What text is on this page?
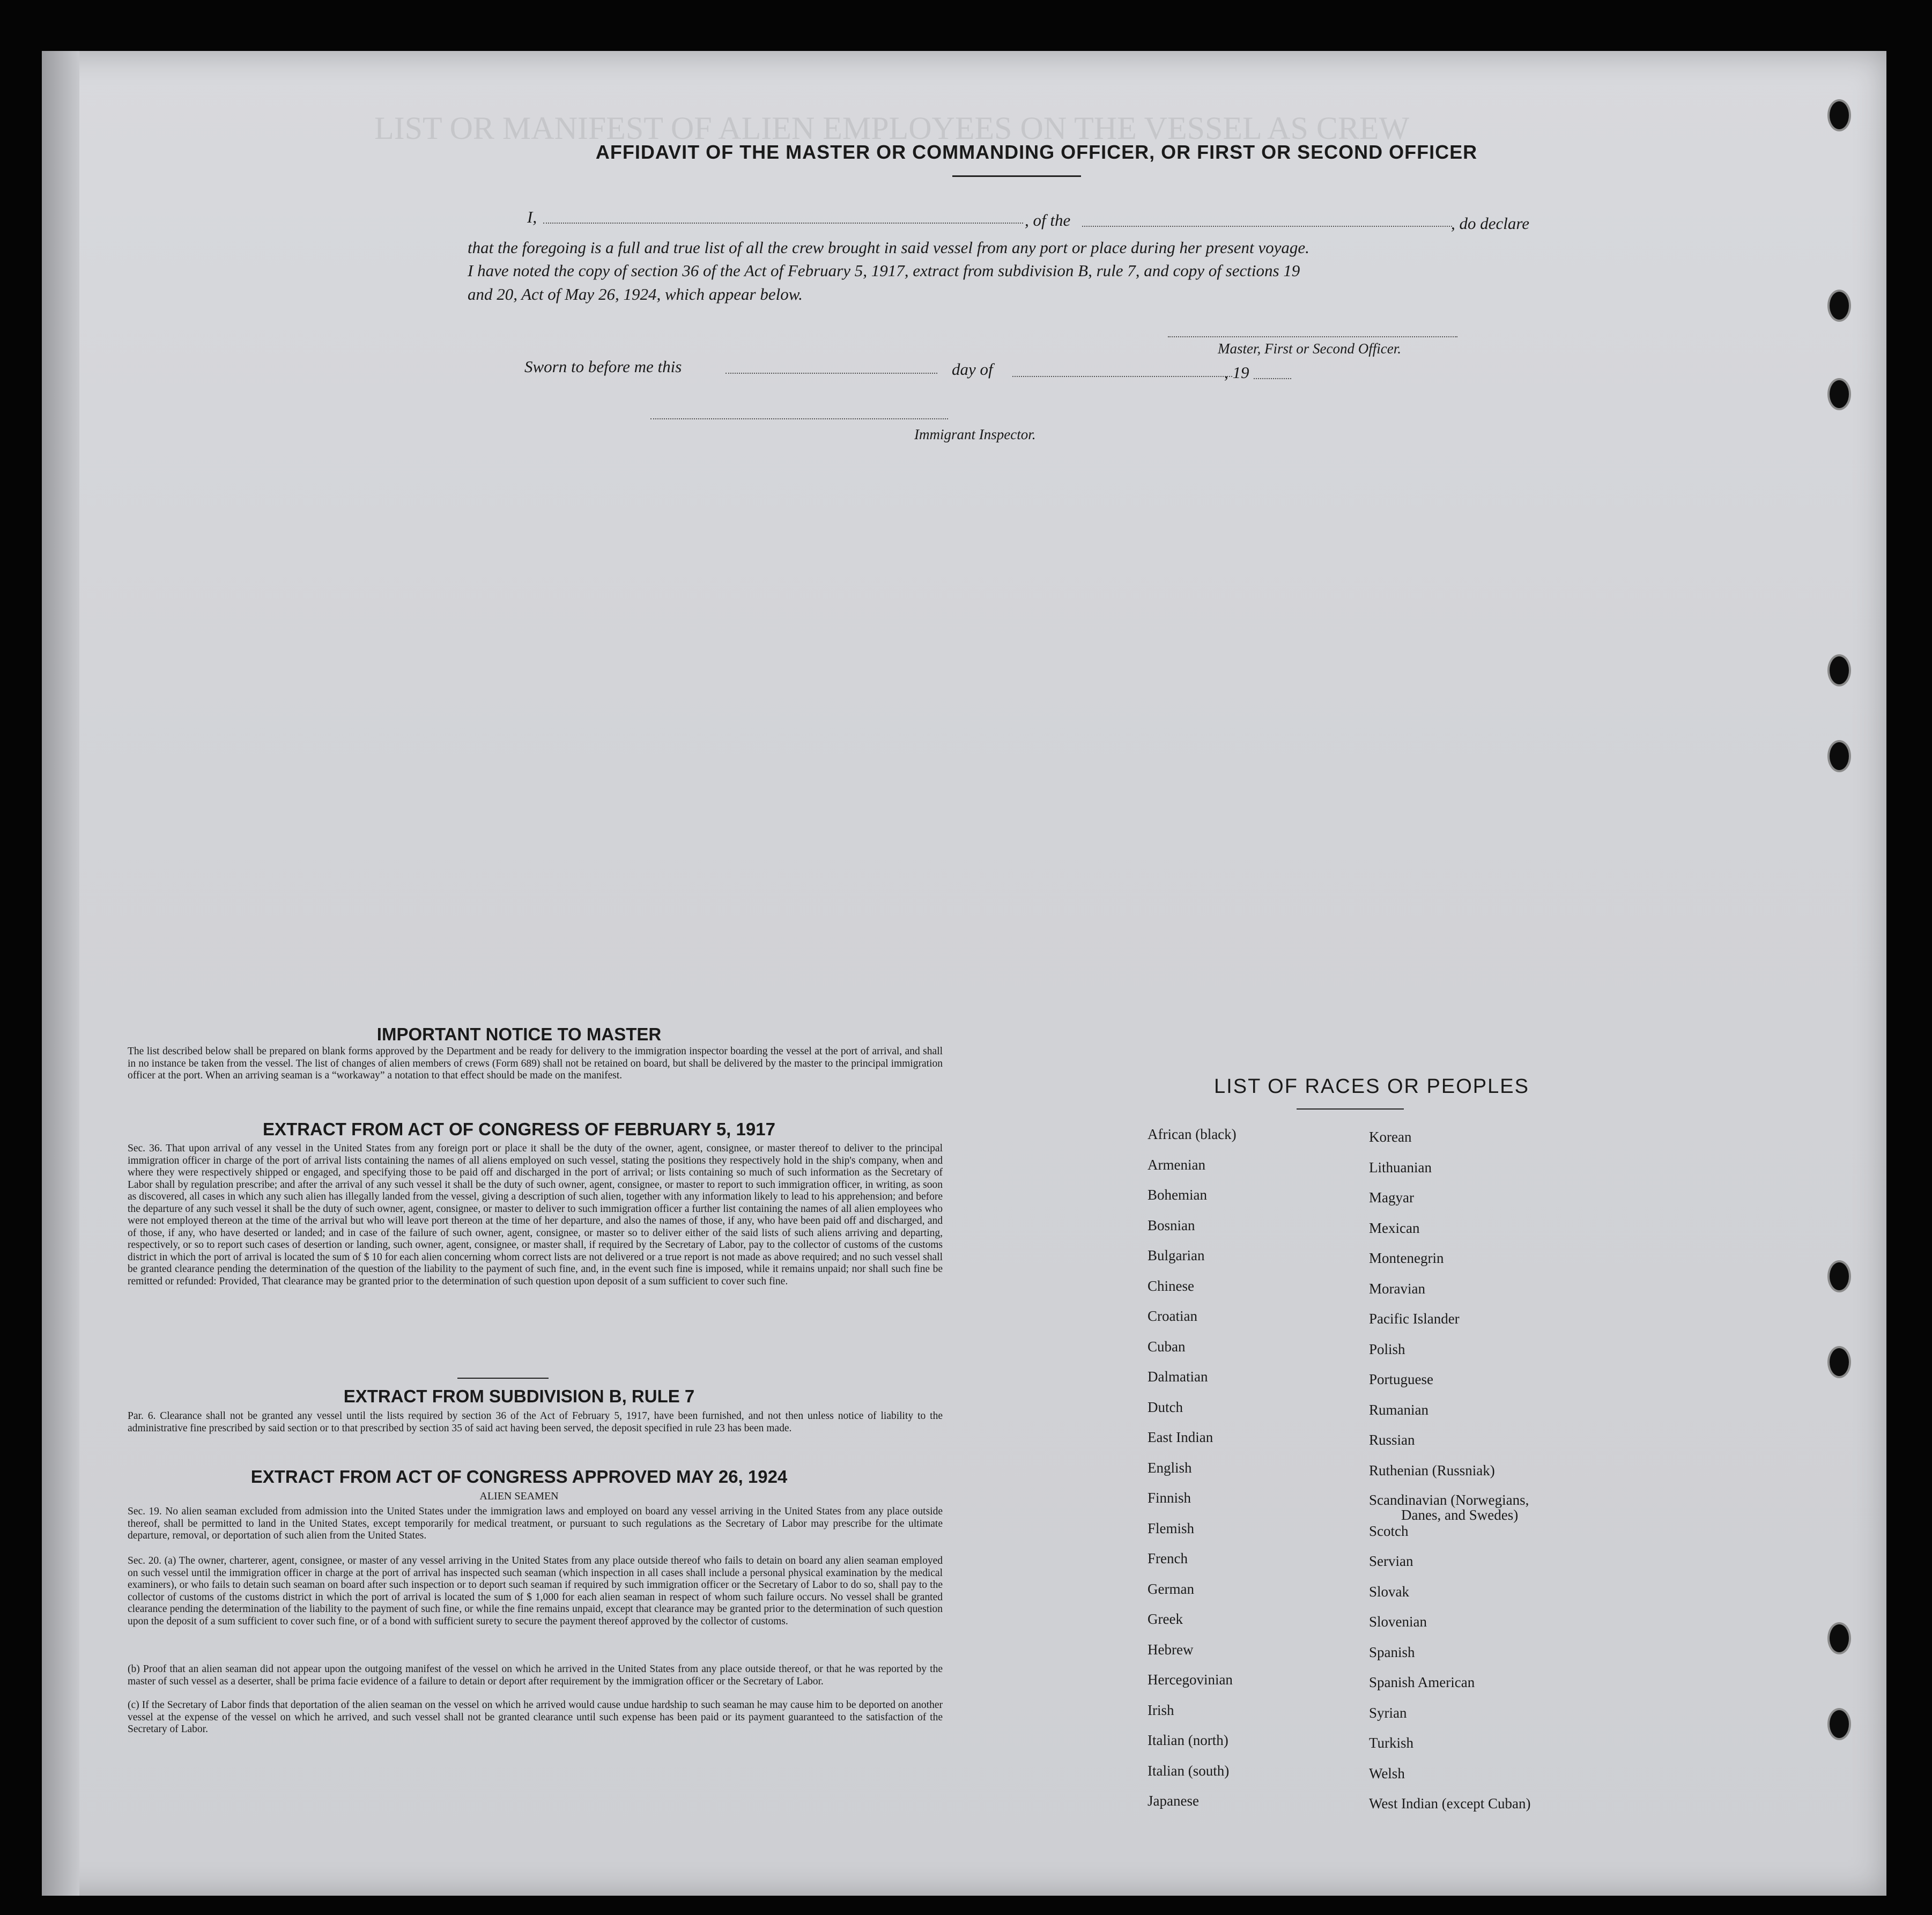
LIST OR MANIFEST OF ALIEN EMPLOYEES ON THE VESSEL AS CREW
AFFIDAVIT OF THE MASTER OR COMMANDING OFFICER, OR FIRST OR SECOND OFFICER
I,	, of the	, do declare
that the foregoing is a full and true list of all the crew brought in said vessel from any port or place during her present voyage.
I have noted the copy of section 36 of the Act of February 5, 1917, extract from subdivision B, rule 7, and copy of sections 19
and 20, Act of May 26, 1924, which appear below.
Master, First or Second Officer.
Sworn to before me this	day of	, 19
Immigrant Inspector.
IMPORTANT NOTICE TO MASTER
The list described below shall be prepared on blank forms approved by the Department and be ready for delivery to the immigration inspector boarding the vessel at the port of arrival, and shall in no instance be taken from the vessel. The list of changes of alien members of crews (Form 689) shall not be retained on board, but shall be delivered by the master to the principal immigration officer at the port. When an arriving seaman is a “workaway” a notation to that effect should be made on the manifest.
EXTRACT FROM ACT OF CONGRESS OF FEBRUARY 5, 1917
Sec. 36. That upon arrival of any vessel in the United States from any foreign port or place it shall be the duty of the owner, agent, consignee, or master thereof to deliver to the principal immigration officer in charge of the port of arrival lists containing the names of all aliens employed on such vessel, stating the positions they respectively hold in the ship's company, when and where they were respectively shipped or engaged, and specifying those to be paid off and discharged in the port of arrival; or lists containing so much of such information as the Secretary of Labor shall by regulation prescribe; and after the arrival of any such vessel it shall be the duty of such owner, agent, consignee, or master to report to such immigration officer, in writing, as soon as discovered, all cases in which any such alien has illegally landed from the vessel, giving a description of such alien, together with any information likely to lead to his apprehension; and before the departure of any such vessel it shall be the duty of such owner, agent, consignee, or master to deliver to such immigration officer a further list containing the names of all alien employees who were not employed thereon at the time of the arrival but who will leave port thereon at the time of her departure, and also the names of those, if any, who have been paid off and discharged, and of those, if any, who have deserted or landed; and in case of the failure of such owner, agent, consignee, or master so to deliver either of the said lists of such aliens arriving and departing, respectively, or so to report such cases of desertion or landing, such owner, agent, consignee, or master shall, if required by the Secretary of Labor, pay to the collector of customs of the customs district in which the port of arrival is located the sum of $ 10 for each alien concerning whom correct lists are not delivered or a true report is not made as above required; and no such vessel shall be granted clearance pending the determination of the question of the liability to the payment of such fine, and, in the event such fine is imposed, while it remains unpaid; nor shall such fine be remitted or refunded: Provided, That clearance may be granted prior to the determination of such question upon deposit of a sum sufficient to cover such fine.
EXTRACT FROM SUBDIVISION B, RULE 7
Par. 6. Clearance shall not be granted any vessel until the lists required by section 36 of the Act of February 5, 1917, have been furnished, and not then unless notice of liability to the administrative fine prescribed by said section or to that prescribed by section 35 of said act having been served, the deposit specified in rule 23 has been made.
EXTRACT FROM ACT OF CONGRESS APPROVED MAY 26, 1924
ALIEN SEAMEN
Sec. 19. No alien seaman excluded from admission into the United States under the immigration laws and employed on board any vessel arriving in the United States from any place outside thereof, shall be permitted to land in the United States, except temporarily for medical treatment, or pursuant to such regulations as the Secretary of Labor may prescribe for the ultimate departure, removal, or deportation of such alien from the United States.
Sec. 20. (a) The owner, charterer, agent, consignee, or master of any vessel arriving in the United States from any place outside thereof who fails to detain on board any alien seaman employed on such vessel until the immigration officer in charge at the port of arrival has inspected such seaman (which inspection in all cases shall include a personal physical examination by the medical examiners), or who fails to detain such seaman on board after such inspection or to deport such seaman if required by such immigration officer or the Secretary of Labor to do so, shall pay to the collector of customs of the customs district in which the port of arrival is located the sum of $ 1,000 for each alien seaman in respect of whom such failure occurs. No vessel shall be granted clearance pending the determination of the liability to the payment of such fine, or while the fine remains unpaid, except that clearance may be granted prior to the determination of such question upon the deposit of a sum sufficient to cover such fine, or of a bond with sufficient surety to secure the payment thereof approved by the collector of customs.
(b) Proof that an alien seaman did not appear upon the outgoing manifest of the vessel on which he arrived in the United States from any place outside thereof, or that he was reported by the master of such vessel as a deserter, shall be prima facie evidence of a failure to detain or deport after requirement by the immigration officer or the Secretary of Labor.
(c) If the Secretary of Labor finds that deportation of the alien seaman on the vessel on which he arrived would cause undue hardship to such seaman he may cause him to be deported on another vessel at the expense of the vessel on which he arrived, and such vessel shall not be granted clearance until such expense has been paid or its payment guaranteed to the satisfaction of the Secretary of Labor.
LIST OF RACES OR PEOPLES
African (black)
Armenian
Bohemian
Bosnian
Bulgarian
Chinese
Croatian
Cuban
Dalmatian
Dutch
East Indian
English
Finnish
Flemish
French
German
Greek
Hebrew
Hercegovinian
Irish
Italian (north)
Italian (south)
Japanese
Korean
Lithuanian
Magyar
Mexican
Montenegrin
Moravian
Pacific Islander
Polish
Portuguese
Rumanian
Russian
Ruthenian (Russniak)
Scandinavian (Norwegians,
Danes, and Swedes)
Scotch
Servian
Slovak
Slovenian
Spanish
Spanish American
Syrian
Turkish
Welsh
West Indian (except Cuban)
